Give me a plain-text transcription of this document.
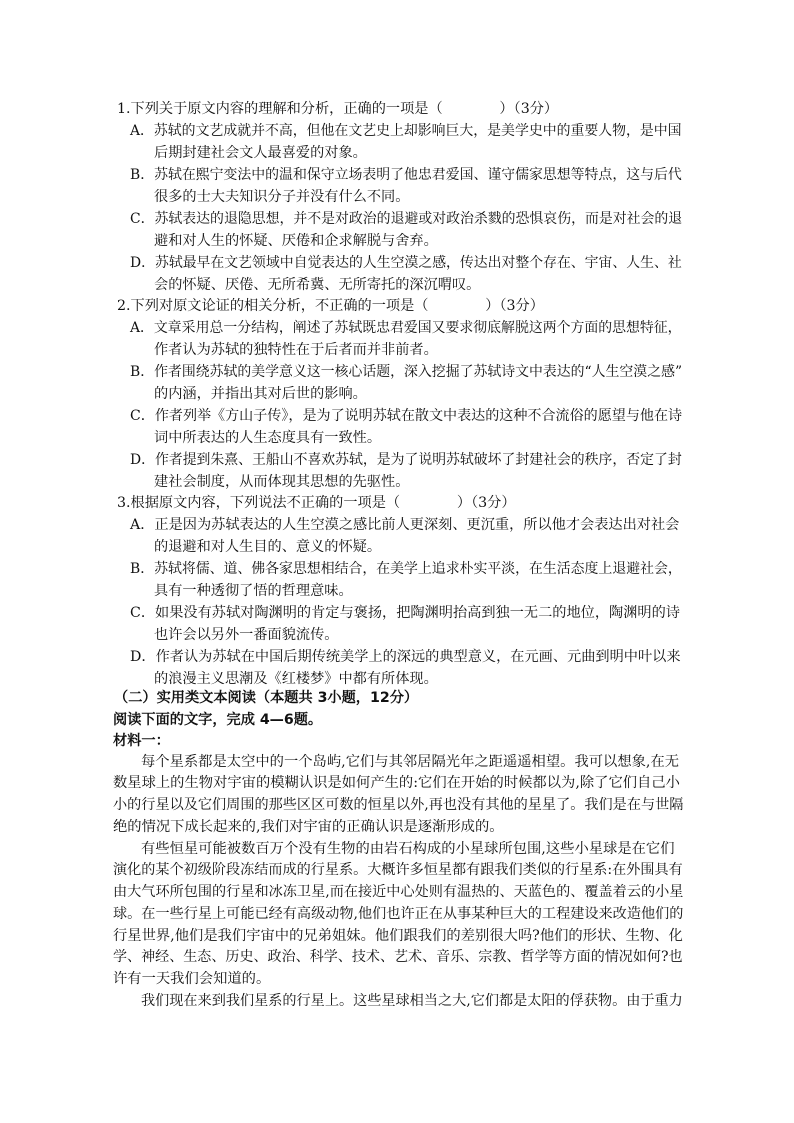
1.下列关于原文内容的理解和分析，正确的一项是（　　　　）（3分）
A．苏轼的文艺成就并不高，但他在文艺史上却影响巨大，是美学史中的重要人物，是中国
后期封建社会文人最喜爱的对象。
B．苏轼在熙宁变法中的温和保守立场表明了他忠君爱国、谨守儒家思想等特点，这与后代
很多的士大夫知识分子并没有什么不同。
C．苏轼表达的退隐思想，并不是对政治的退避或对政治杀戮的恐惧哀伤，而是对社会的退
避和对人生的怀疑、厌倦和企求解脱与舍弃。
D．苏轼最早在文艺领域中自觉表达的人生空漠之感，传达出对整个存在、宇宙、人生、社
会的怀疑、厌倦、无所希冀、无所寄托的深沉喟叹。
2.下列对原文论证的相关分析，不正确的一项是（　　　　）（3分）
A．文章采用总一分结构，阐述了苏轼既忠君爱国又要求彻底解脱这两个方面的思想特征，
作者认为苏轼的独特性在于后者而并非前者。
B．作者围绕苏轼的美学意义这一核心话题，深入挖掘了苏轼诗文中表达的“人生空漠之感”
的内涵，并指出其对后世的影响。
C．作者列举《方山子传》，是为了说明苏轼在散文中表达的这种不合流俗的愿望与他在诗
词中所表达的人生态度具有一致性。
D．作者提到朱熹、王船山不喜欢苏轼，是为了说明苏轼破坏了封建社会的秩序，否定了封
建社会制度，从而体现其思想的先驱性。
3.根据原文内容，下列说法不正确的一项是（　　　　）（3分）
A．正是因为苏轼表达的人生空漠之感比前人更深刻、更沉重，所以他才会表达出对社会
的退避和对人生目的、意义的怀疑。
B．苏轼将儒、道、佛各家思想相结合，在美学上追求朴实平淡，在生活态度上退避社会，
具有一种透彻了悟的哲理意味。
C．如果没有苏轼对陶渊明的肯定与褒扬，把陶渊明抬高到独一无二的地位，陶渊明的诗
也许会以另外一番面貌流传。
D．作者认为苏轼在中国后期传统美学上的深远的典型意义，在元画、元曲到明中叶以来
的浪漫主义思潮及《红楼梦》中都有所体现。
（二）实用类文本阅读（本题共 3小题，12分）
阅读下面的文字，完成 4—6题。
材料一：
每个星系都是太空中的一个岛屿,它们与其邻居隔光年之距遥遥相望。我可以想象,在无
数星球上的生物对宇宙的模糊认识是如何产生的:它们在开始的时候都以为,除了它们自己小
小的行星以及它们周围的那些区区可数的恒星以外,再也没有其他的星星了。我们是在与世隔
绝的情况下成长起来的,我们对宇宙的正确认识是逐渐形成的。
有些恒星可能被数百万个没有生物的由岩石构成的小星球所包围,这些小星球是在它们
演化的某个初级阶段冻结而成的行星系。大概许多恒星都有跟我们类似的行星系:在外围具有
由大气环所包围的行星和冰冻卫星,而在接近中心处则有温热的、天蓝色的、覆盖着云的小星
球。在一些行星上可能已经有高级动物,他们也许正在从事某种巨大的工程建设来改造他们的
行星世界,他们是我们宇宙中的兄弟姐妹。他们跟我们的差别很大吗?他们的形状、生物、化
学、神经、生态、历史、政治、科学、技术、艺术、音乐、宗教、哲学等方面的情况如何?也
许有一天我们会知道的。
我们现在来到我们星系的行星上。这些星球相当之大,它们都是太阳的俘获物。由于重力
